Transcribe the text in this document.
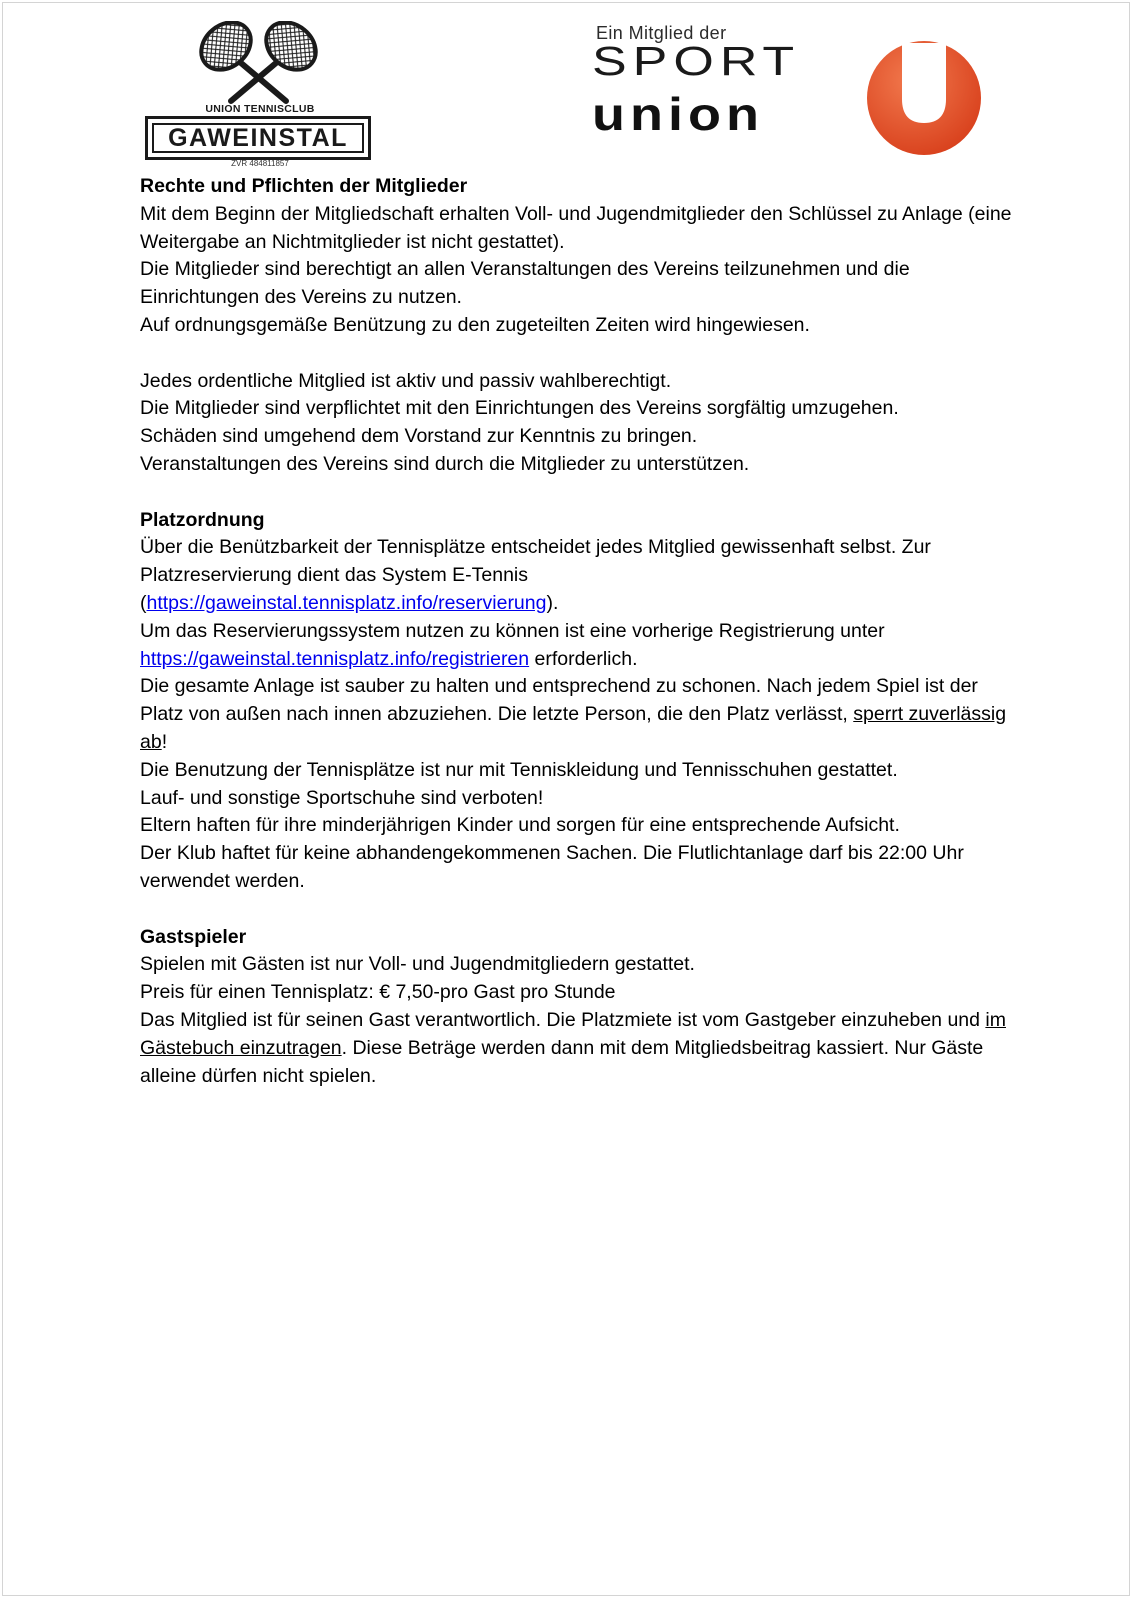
UNION TENNISCLUB
GAWEINSTAL
ZVR 484811857
Ein Mitglied der
SPORT
union

Rechte und Pflichten der Mitglieder

Mit dem Beginn der Mitgliedschaft erhalten Voll- und Jugendmitglieder den Schlüssel zu Anlage (eine Weitergabe an Nichtmitglieder ist nicht gestattet).

Die Mitglieder sind berechtigt an allen Veranstaltungen des Vereins teilzunehmen und die Einrichtungen des Vereins zu nutzen.

Auf ordnungsgemäße Benützung zu den zugeteilten Zeiten wird hingewiesen.

Jedes ordentliche Mitglied ist aktiv und passiv wahlberechtigt.

Die Mitglieder sind verpflichtet mit den Einrichtungen des Vereins sorgfältig umzugehen.

Schäden sind umgehend dem Vorstand zur Kenntnis zu bringen.

Veranstaltungen des Vereins sind durch die Mitglieder zu unterstützen.

Platzordnung

Über die Benützbarkeit der Tennisplätze entscheidet jedes Mitglied gewissenhaft selbst. Zur Platzreservierung dient das System E-Tennis

(https://gaweinstal.tennisplatz.info/reservierung).

Um das Reservierungssystem nutzen zu können ist eine vorherige Registrierung unter

https://gaweinstal.tennisplatz.info/registrieren erforderlich.

Die gesamte Anlage ist sauber zu halten und entsprechend zu schonen. Nach jedem Spiel ist der Platz von außen nach innen abzuziehen. Die letzte Person, die den Platz verlässt, sperrt zuverlässig ab!

Die Benutzung der Tennisplätze ist nur mit Tenniskleidung und Tennisschuhen gestattet.

Lauf- und sonstige Sportschuhe sind verboten!

Eltern haften für ihre minderjährigen Kinder und sorgen für eine entsprechende Aufsicht.

Der Klub haftet für keine abhandengekommenen Sachen. Die Flutlichtanlage darf bis 22:00 Uhr verwendet werden.

Gastspieler

Spielen mit Gästen ist nur Voll- und Jugendmitgliedern gestattet.

Preis für einen Tennisplatz: € 7,50-pro Gast pro Stunde

Das Mitglied ist für seinen Gast verantwortlich. Die Platzmiete ist vom Gastgeber einzuheben und im Gästebuch einzutragen. Diese Beträge werden dann mit dem Mitgliedsbeitrag kassiert. Nur Gäste alleine dürfen nicht spielen.
